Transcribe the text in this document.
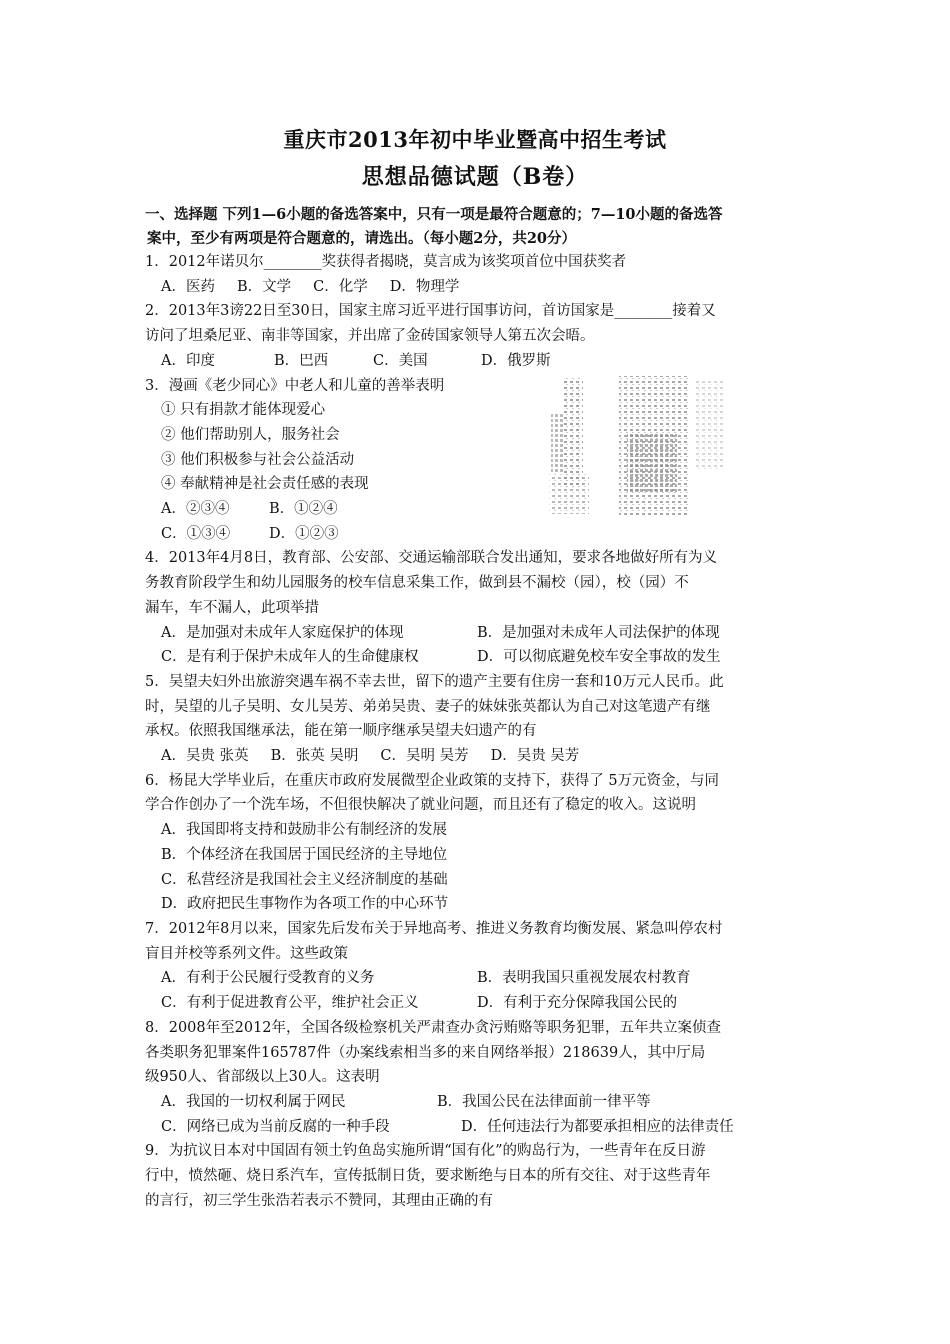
重庆市2013年初中毕业暨高中招生考试
思想品德试题（B卷）
一、选择题 下列1—6小题的备选答案中，只有一项是最符合题意的；7—10小题的备选答
案中，至少有两项是符合题意的，请选出。（每小题2分，共20分）

1．2012年诺贝尔________奖获得者揭晓，莫言成为该奖项首位中国获奖者

A．医药 B．文学 C．化学 D．物理学

2．2013年3谤22日至30日，国家主席习近平进行国事访问，首访国家是________接着又
访问了坦桑尼亚、南非等国家，并出席了金砖国家领导人第五次会晤。

A．印度	B．巴西	C．美国	D．俄罗斯

3．漫画《老少同心》中老人和儿童的善举表明

① 只有捐款才能体现爱心

② 他们帮助别人，服务社会

③ 他们积极参与社会公益活动

④ 奉献精神是社会责任感的表现

A．②③④	B．①②④
C．①③④	D．①②③

4．2013年4月8日，教育部、公安部、交通运输部联合发出通知，要求各地做好所有为义
务教育阶段学生和幼儿园服务的校车信息采集工作，做到县不漏校（园），校（园）不
漏车，车不漏人，此项举措

A．是加强对未成年人家庭保护的体现	B．是加强对未成年人司法保护的体现
C．是有利于保护未成年人的生命健康权	D．可以彻底避免校车安全事故的发生

5．吴望夫妇外出旅游突遇车祸不幸去世，留下的遗产主要有住房一套和10万元人民币。此
时，吴望的儿子吴明、女儿吴芳、弟弟吴贵、妻子的妹妹张英都认为自己对这笔遗产有继
承权。依照我国继承法，能在第一顺序继承吴望夫妇遗产的有

A．吴贵 张英 B．张英 吴明 C．吴明 吴芳 D．吴贵 吴芳

6．杨昆大学毕业后，在重庆市政府发展微型企业政策的支持下，获得了 5万元资金，与同
学合作创办了一个洗车场，不但很快解决了就业问题，而且还有了稳定的收入。这说明

A．我国即将支持和鼓励非公有制经济的发展

B．个体经济在我国居于国民经济的主导地位

C．私营经济是我国社会主义经济制度的基础

D．政府把民生事物作为各项工作的中心环节

7．2012年8月以来，国家先后发布关于异地高考、推进义务教育均衡发展、紧急叫停农村
盲目并校等系列文件。这些政策

A．有利于公民履行受教育的义务	B．表明我国只重视发展农村教育
C．有利于促进教育公平，维护社会正义	D．有利于充分保障我国公民的

8．2008年至2012年，全国各级检察机关严肃查办贪污贿赂等职务犯罪，五年共立案侦查
各类职务犯罪案件165787件（办案线索相当多的来自网络举报）218639人，其中厅局
级950人、省部级以上30人。这表明

A．我国的一切权利属于网民	B．我国公民在法律面前一律平等
C．网络已成为当前反腐的一种手段	D．任何违法行为都要承担相应的法律责任

9．为抗议日本对中国固有领土钓鱼岛实施所谓“国有化”的购岛行为，一些青年在反日游
行中，愤然砸、烧日系汽车，宣传抵制日货，要求断绝与日本的所有交往、对于这些青年
的言行，初三学生张浩若表示不赞同，其理由正确的有
